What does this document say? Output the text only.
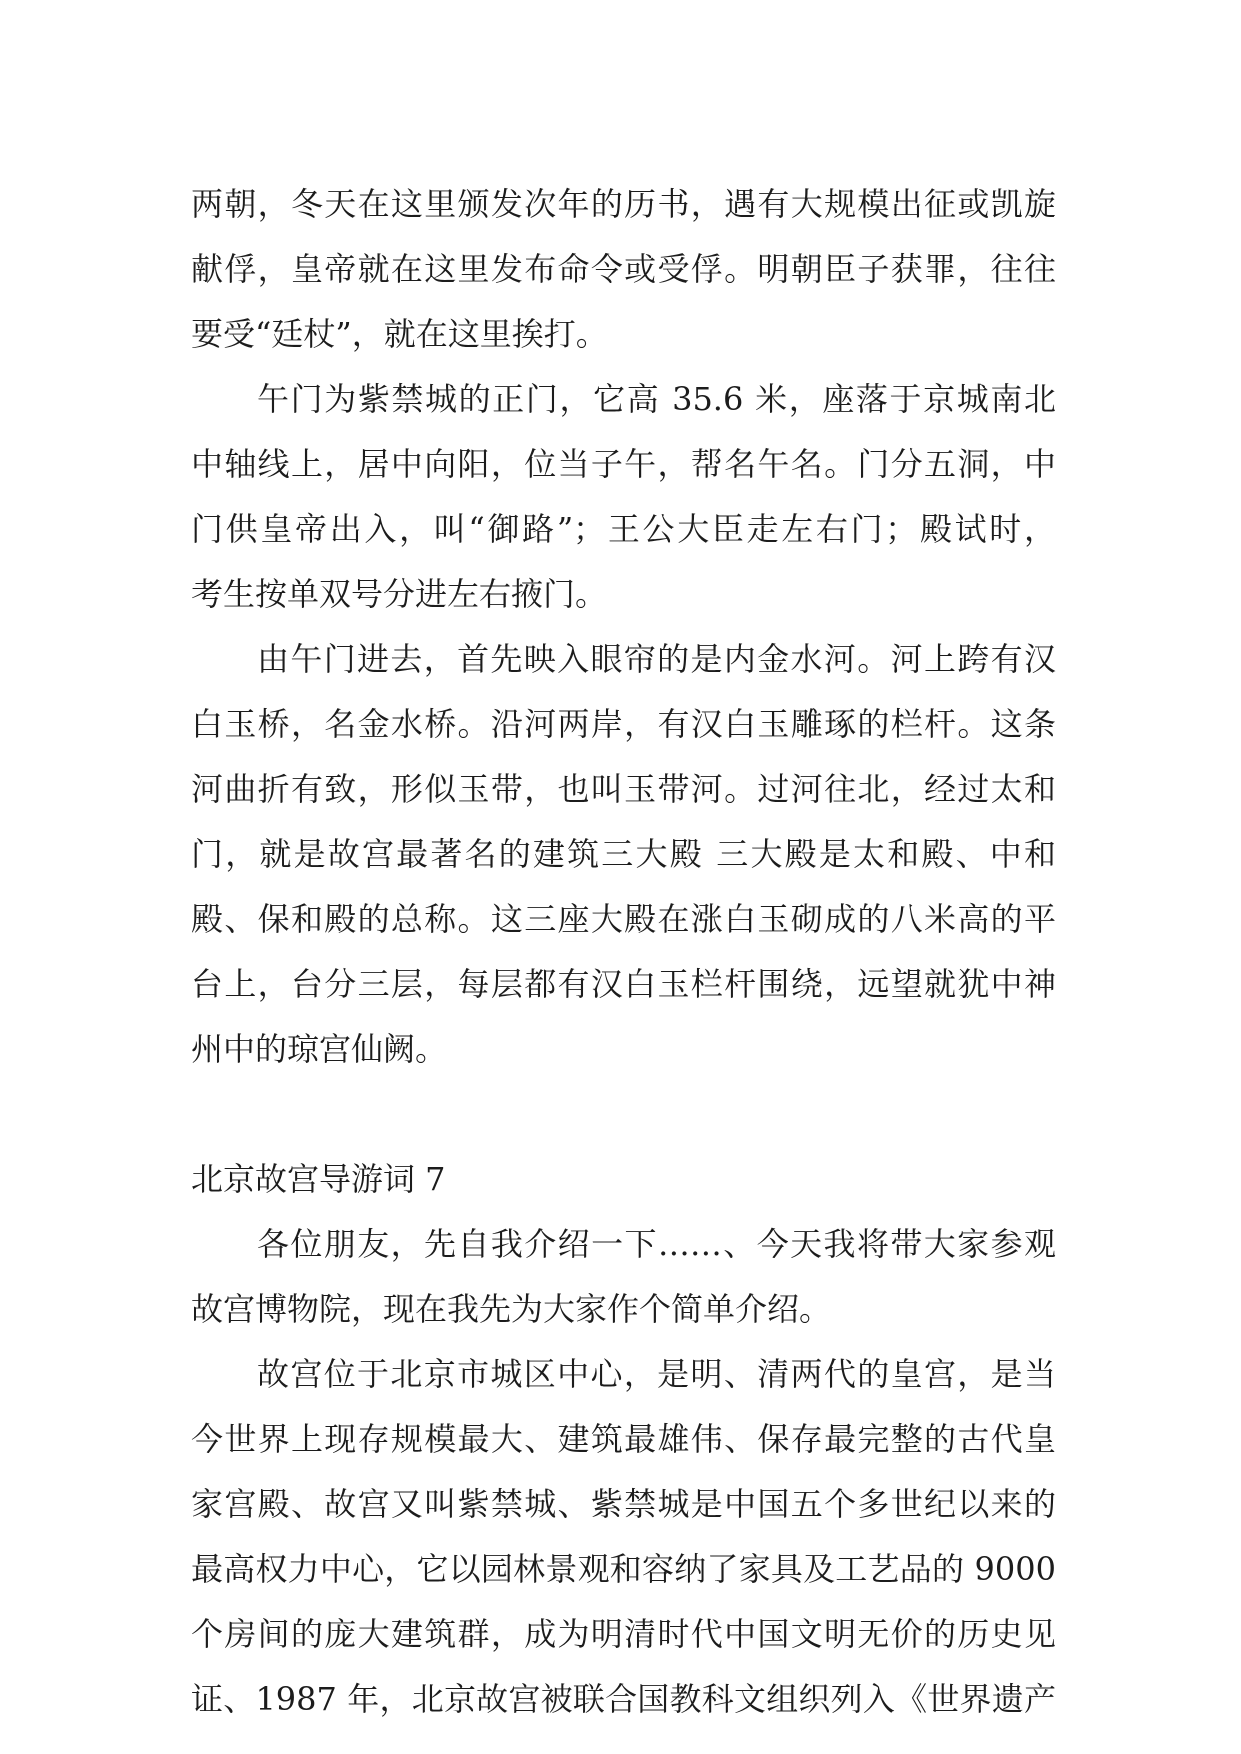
两朝，冬天在这里颁发次年的历书，遇有大规模出征或凯旋
献俘，皇帝就在这里发布命令或受俘。明朝臣子获罪，往往
要受“廷杖”，就在这里挨打。
午门为紫禁城的正门，它高 35.6 米，座落于京城南北
中轴线上，居中向阳，位当子午，帮名午名。门分五洞，中
门供皇帝出入，叫“御路”；王公大臣走左右门；殿试时，
考生按单双号分进左右掖门。
由午门进去，首先映入眼帘的是内金水河。河上跨有汉
白玉桥，名金水桥。沿河两岸，有汉白玉雕琢的栏杆。这条
河曲折有致，形似玉带，也叫玉带河。过河往北，经过太和
门，就是故宫最著名的建筑三大殿 三大殿是太和殿、中和
殿、保和殿的总称。这三座大殿在涨白玉砌成的八米高的平
台上，台分三层，每层都有汉白玉栏杆围绕，远望就犹中神
州中的琼宫仙阙。
北京故宫导游词 7
各位朋友，先自我介绍一下……、今天我将带大家参观
故宫博物院，现在我先为大家作个简单介绍。
故宫位于北京市城区中心，是明、清两代的皇宫，是当
今世界上现存规模最大、建筑最雄伟、保存最完整的古代皇
家宫殿、故宫又叫紫禁城、紫禁城是中国五个多世纪以来的
最高权力中心，它以园林景观和容纳了家具及工艺品的 9000
个房间的庞大建筑群，成为明清时代中国文明无价的历史见
证、1987 年，北京故宫被联合国教科文组织列入《世界遗产
